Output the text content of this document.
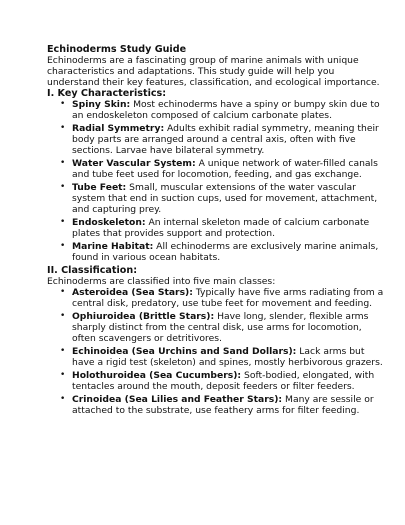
Echinoderms Study Guide

Echinoderms are a fascinating group of marine animals with unique characteristics and adaptations. This study guide will help you understand their key features, classification, and ecological importance.

I. Key Characteristics:

• Spiny Skin: Most echinoderms have a spiny or bumpy skin due to an endoskeleton composed of calcium carbonate plates.
• Radial Symmetry: Adults exhibit radial symmetry, meaning their body parts are arranged around a central axis, often with five sections. Larvae have bilateral symmetry.
• Water Vascular System: A unique network of water-filled canals and tube feet used for locomotion, feeding, and gas exchange.
• Tube Feet: Small, muscular extensions of the water vascular system that end in suction cups, used for movement, attachment, and capturing prey.
• Endoskeleton: An internal skeleton made of calcium carbonate plates that provides support and protection.
• Marine Habitat: All echinoderms are exclusively marine animals, found in various ocean habitats.

II. Classification:

Echinoderms are classified into five main classes:

• Asteroidea (Sea Stars): Typically have five arms radiating from a central disk, predatory, use tube feet for movement and feeding.
• Ophiuroidea (Brittle Stars): Have long, slender, flexible arms sharply distinct from the central disk, use arms for locomotion, often scavengers or detritivores.
• Echinoidea (Sea Urchins and Sand Dollars): Lack arms but have a rigid test (skeleton) and spines, mostly herbivorous grazers.
• Holothuroidea (Sea Cucumbers): Soft-bodied, elongated, with tentacles around the mouth, deposit feeders or filter feeders.
• Crinoidea (Sea Lilies and Feather Stars): Many are sessile or attached to the substrate, use feathery arms for filter feeding.
